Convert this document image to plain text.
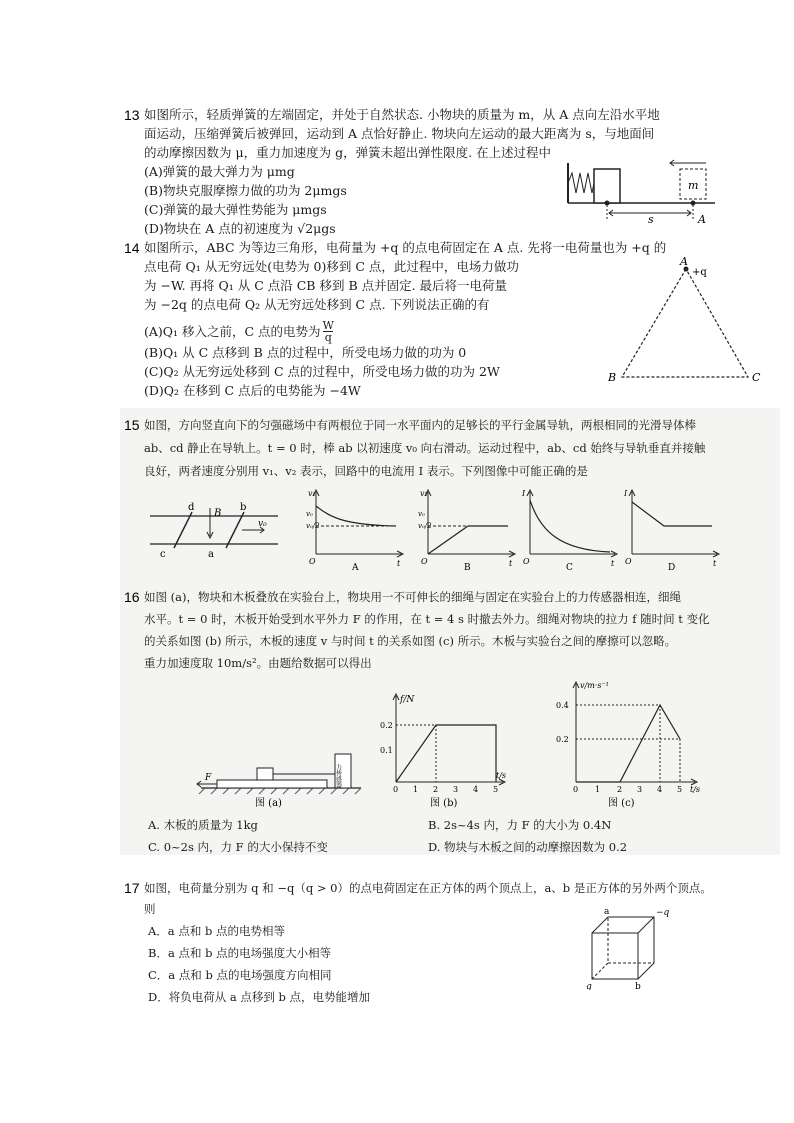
13 如图所示，轻质弹簧的左端固定，并处于自然状态. 小物块的质量为 m，从 A 点向左沿水平地
面运动，压缩弹簧后被弹回，运动到 A 点恰好静止. 物块向左运动的最大距离为 s，与地面间
的动摩擦因数为 μ，重力加速度为 g，弹簧未超出弹性限度. 在上述过程中
(A)弹簧的最大弹力为 μmg
(B)物块克服摩擦力做的功为 2μmgs
(C)弹簧的最大弹性势能为 μmgs
(D)物块在 A 点的初速度为 √2μgs
m
s	A
14 如图所示，ABC 为等边三角形，电荷量为 +q 的点电荷固定在 A 点. 先将一电荷量也为 +q 的
点电荷 Q₁ 从无穷远处(电势为 0)移到 C 点，此过程中，电场力做功
为 −W. 再将 Q₁ 从 C 点沿 CB 移到 B 点并固定. 最后将一电荷量
为 −2q 的点电荷 Q₂ 从无穷远处移到 C 点. 下列说法正确的有
(A)Q₁ 移入之前，C 点的电势为 $\frac{W}{q}$
(B)Q₁ 从 C 点移到 B 点的过程中，所受电场力做的功为 0
(C)Q₂ 从无穷远处移到 C 点的过程中，所受电场力做的功为 2W
(D)Q₂ 在移到 C 点后的电势能为 −4W
A
+q
B	C
15 如图，方向竖直向下的匀强磁场中有两根位于同一水平面内的足够长的平行金属导轨，两根相同的光滑导体棒
ab、cd 静止在导轨上。t = 0 时，棒 ab 以初速度 v₀ 向右滑动。运动过程中，ab、cd 始终与导轨垂直并接触
良好，两者速度分别用 v₁、v₂ 表示，回路中的电流用 I 表示。下列图像中可能正确的是
B
d	b
c	a
v₀
v₁
v₀
v₀/2
O	t
A
v₂
v₀
v₀/2
O	t
B
I
O	t
C
I
O	t
D
16 如图 (a)，物块和木板叠放在实验台上，物块用一不可伸长的细绳与固定在实验台上的力传感器相连，细绳
水平。t = 0 时，木板开始受到水平外力 F 的作用，在 t = 4 s 时撤去外力。细绳对物块的拉力 f 随时间 t 变化
的关系如图 (b) 所示，木板的速度 v 与时间 t 的关系如图 (c) 所示。木板与实验台之间的摩擦可以忽略。
重力加速度取 10m/s²。由题给数据可以得出
力传感器
F
图 (a)
f/N
0.2
0.1
0 1 2 3 4 5
t/s
图 (b)
v/m·s⁻¹
0.4
0.2
0 1 2 3 4 5 t/s
图 (c)
A. 木板的质量为 1kg	B. 2s~4s 内，力 F 的大小为 0.4N
C. 0~2s 内，力 F 的大小保持不变	D. 物块与木板之间的动摩擦因数为 0.2
17 如图，电荷量分别为 q 和 −q（q > 0）的点电荷固定在正方体的两个顶点上，a、b 是正方体的另外两个顶点。
则
A．a 点和 b 点的电势相等
B．a 点和 b 点的电场强度大小相等
C．a 点和 b 点的电场强度方向相同
D．将负电荷从 a 点移到 b 点，电势能增加
a	−q
q	b
